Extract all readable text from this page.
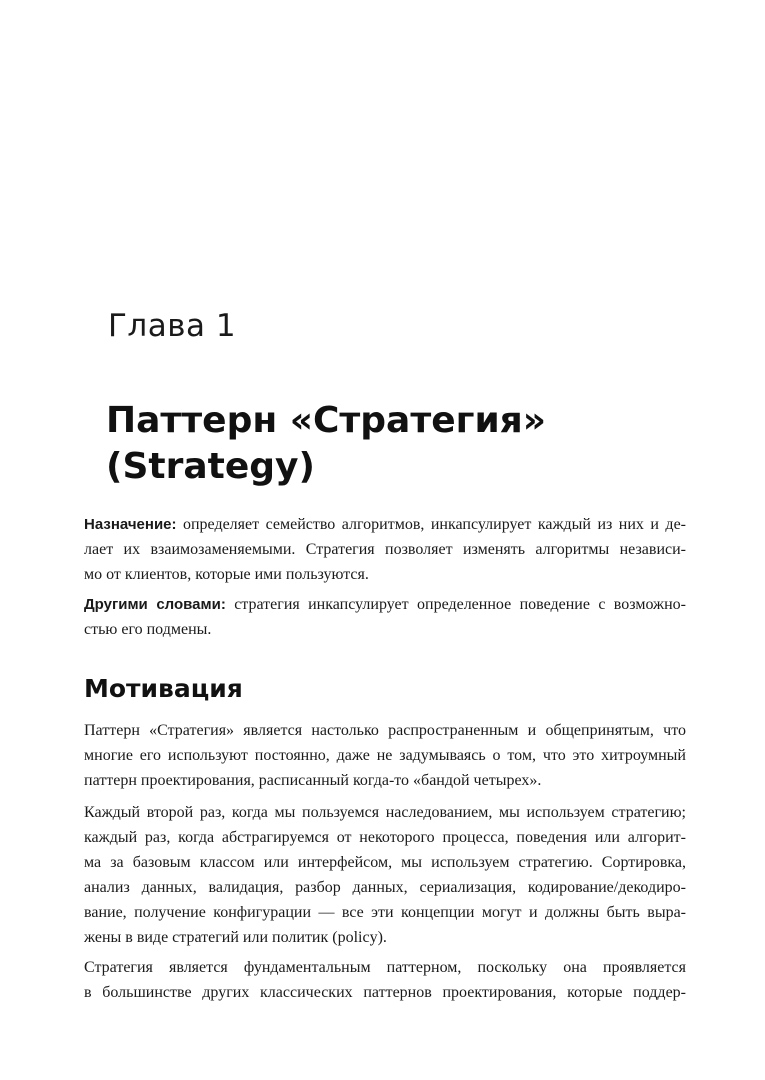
Глава 1
Паттерн «Стратегия»
(Strategy)

Назначение: определяет семейство алгоритмов, инкапсулирует каждый из них и де-
лает их взаимозаменяемыми. Стратегия позволяет изменять алгоритмы независи-
мо от клиентов, которые ими пользуются.

Другими словами: стратегия инкапсулирует определенное поведение с возможно-
стью его подмены.

Мотивация

Паттерн «Стратегия» является настолько распространенным и общепринятым, что
многие его используют постоянно, даже не задумываясь о том, что это хитроумный
паттерн проектирования, расписанный когда-то «бандой четырех».

Каждый второй раз, когда мы пользуемся наследованием, мы используем стратегию;
каждый раз, когда абстрагируемся от некоторого процесса, поведения или алгорит-
ма за базовым классом или интерфейсом, мы используем стратегию. Сортировка,
анализ данных, валидация, разбор данных, сериализация, кодирование/декодиро-
вание, получение конфигурации — все эти концепции могут и должны быть выра-
жены в виде стратегий или политик (policy).

Стратегия является фундаментальным паттерном, поскольку она проявляется
в большинстве других классических паттернов проектирования, которые поддер-
